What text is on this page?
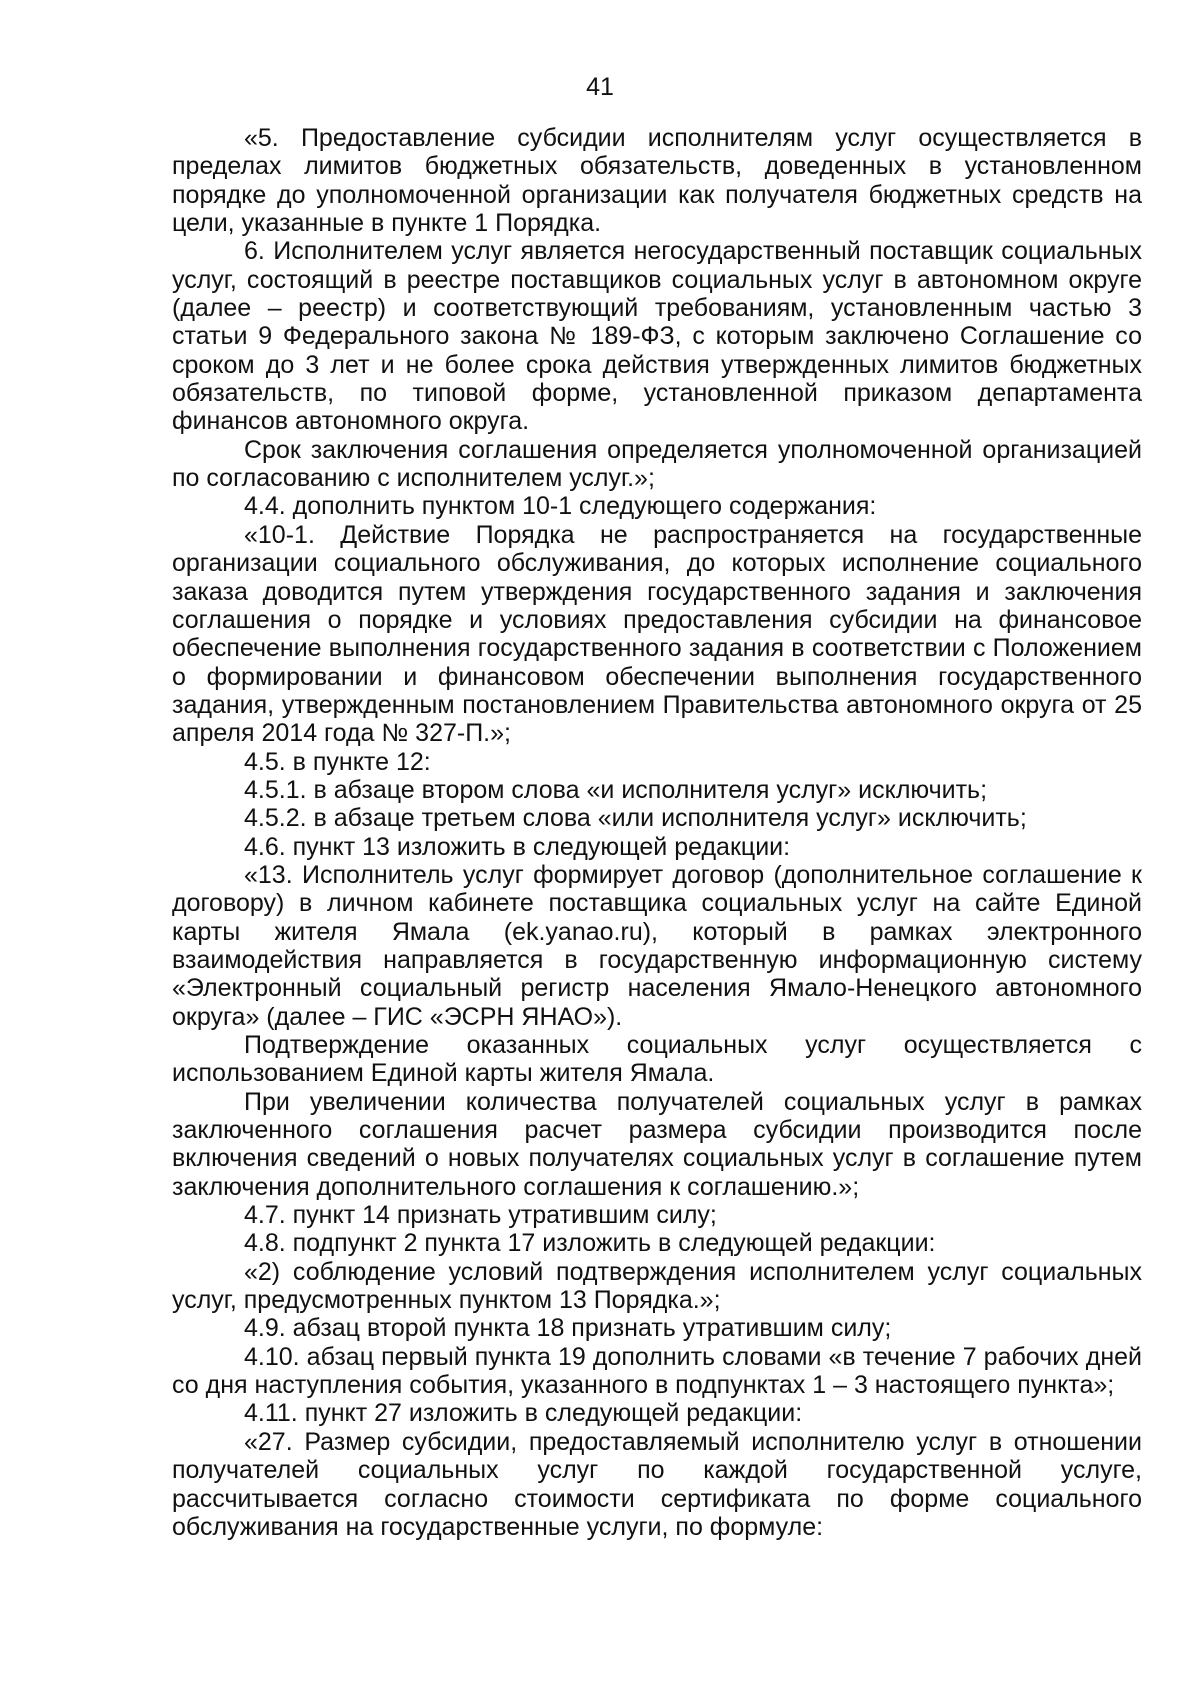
41

«5. Предоставление субсидии исполнителям услуг осуществляется в пределах лимитов бюджетных обязательств, доведенных в установленном порядке до уполномоченной организации как получателя бюджетных средств на цели, указанные в пункте 1 Порядка.

6. Исполнителем услуг является негосударственный поставщик социальных услуг, состоящий в реестре поставщиков социальных услуг в автономном округе (далее – реестр) и соответствующий требованиям, установленным частью 3 статьи 9 Федерального закона № 189-ФЗ, с которым заключено Соглашение со сроком до 3 лет и не более срока действия утвержденных лимитов бюджетных обязательств, по типовой форме, установленной приказом департамента финансов автономного округа.

Срок заключения соглашения определяется уполномоченной организацией по согласованию с исполнителем услуг.»;

4.4. дополнить пунктом 10-1 следующего содержания:

«10-1. Действие Порядка не распространяется на государственные организации социального обслуживания, до которых исполнение социального заказа доводится путем утверждения государственного задания и заключения соглашения о порядке и условиях предоставления субсидии на финансовое обеспечение выполнения государственного задания в соответствии с Положением о формировании и финансовом обеспечении выполнения государственного задания, утвержденным постановлением Правительства автономного округа от 25 апреля 2014 года № 327-П.»;

4.5. в пункте 12:

4.5.1. в абзаце втором слова «и исполнителя услуг» исключить;

4.5.2. в абзаце третьем слова «или исполнителя услуг» исключить;

4.6. пункт 13 изложить в следующей редакции:

«13. Исполнитель услуг формирует договор (дополнительное соглашение к договору) в личном кабинете поставщика социальных услуг на сайте Единой карты жителя Ямала (ek.yanao.ru), который в рамках электронного взаимодействия направляется в государственную информационную систему «Электронный социальный регистр населения Ямало-Ненецкого автономного округа» (далее – ГИС «ЭСРН ЯНАО»).

Подтверждение оказанных социальных услуг осуществляется с использованием Единой карты жителя Ямала.

При увеличении количества получателей социальных услуг в рамках заключенного соглашения расчет размера субсидии производится после включения сведений о новых получателях социальных услуг в соглашение путем заключения дополнительного соглашения к соглашению.»;

4.7. пункт 14 признать утратившим силу;

4.8. подпункт 2 пункта 17 изложить в следующей редакции:

«2) соблюдение условий подтверждения исполнителем услуг социальных услуг, предусмотренных пунктом 13 Порядка.»;

4.9. абзац второй пункта 18 признать утратившим силу;

4.10. абзац первый пункта 19 дополнить словами «в течение 7 рабочих дней со дня наступления события, указанного в подпунктах 1 – 3 настоящего пункта»;

4.11. пункт 27 изложить в следующей редакции:

«27. Размер субсидии, предоставляемый исполнителю услуг в отношении получателей социальных услуг по каждой государственной услуге, рассчитывается согласно стоимости сертификата по форме социального обслуживания на государственные услуги, по формуле:
